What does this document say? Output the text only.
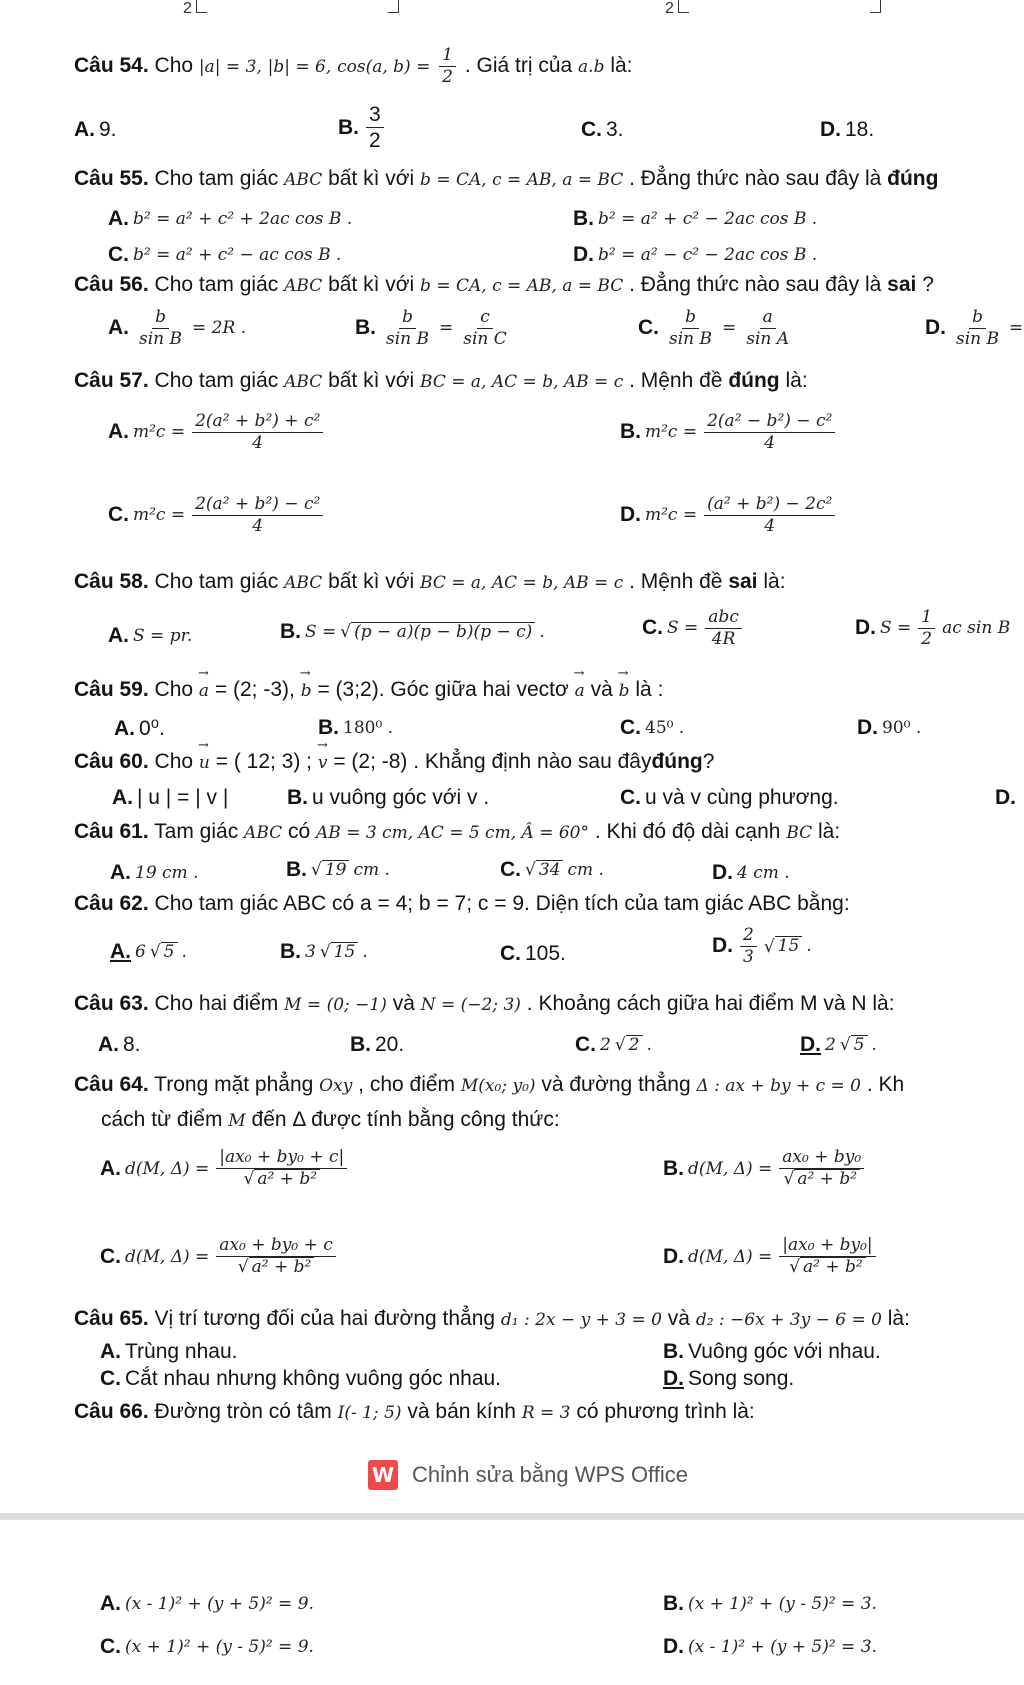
2	2
Câu 54. Cho |a| = 3, |b| = 6, cos(a, $b) = \frac{1}{2}$ . Giá trị của a.b là:
A. 9.	B. $\frac{3}{2}$	C. 3.	D. 18.
Câu 55. Cho tam giác ABC bất kì với b = CA, c = AB, a = BC . Đẳng thức nào sau đây là đúng
A. b² = a² + c² + 2ac cos B .	B. b² = a² + c² − 2ac cos B .
C. b² = a² + c² − ac cos B .	D. b² = a² − c² − 2ac cos B .
Câu 56. Cho tam giác ABC bất kì với b = CA, c = AB, a = BC . Đẳng thức nào sau đây là sai ?
A. $\frac{b}{\text{sin B}} = 2R$ .	B. $\frac{b}{\text{sin B}} = \frac{c}{\text{sin C}}$	C. $\frac{b}{\text{sin B}} = \frac{a}{\text{sin A}}$	D. $\frac{b}{\text{sin B}}$ =
Câu 57. Cho tam giác ABC bất kì với BC = a, AC = b, AB = c . Mệnh đề đúng là:
A. $m^2c = \frac{\text{2(a² + b²) + c²}}{4}$	B. $m^2c = \frac{\text{2(a² − b²) − c²}}{4}$
C. $m^2c = \frac{\text{2(a² + b²) − c²}}{4}$	D. $m^2c = \frac{\text{(a² + b²) − 2c²}}{4}$
Câu 58. Cho tam giác ABC bất kì với BC = a, AC = b, AB = c . Mệnh đề sai là:
A. S = pr.	B. S = √ (p − a)(p − b)(p − c) .	C. $S = \frac{\text{abc}}{4R}$	D. $S = \frac{1}{2}$ ac sin B
Câu 59. Cho → a = (2; -3), → b = (3;2). Góc giữa hai vectơ → a và → b là :
A. 0⁰.	B. 180⁰ .	C. 45⁰ .	D. 90⁰ .
Câu 60. Cho → u = ( 12; 3) ; → v = (2; -8) . Khẳng định nào sau đâyđúng?
A. | u | = | v |	B. u vuông góc với v .	C. u và v cùng phương.	D.
Câu 61. Tam giác ABC có AB = 3 cm, AC = 5 cm, Â = 60° . Khi đó độ dài cạnh BC là:
A. 19 cm .	B. √ 19 cm .	C. √ 34 cm .	D. 4 cm .
Câu 62. Cho tam giác ABC có a = 4; b = 7; c = 9. Diện tích của tam giác ABC bằng:
A. 6 √ 5 .	B. 3 √ 15 .	C. 105.	D. $\frac{2}{3}$ √ 15 .
Câu 63. Cho hai điểm M = (0; −1) và N = (−2; 3) . Khoảng cách giữa hai điểm M và N là:
A. 8.	B. 20.	C. 2 √ 2 .	D. 2 √ 5 .
Câu 64. Trong mặt phẳng Oxy , cho điểm M(x₀; y₀) và đường thẳng Δ : ax + by + c = 0 . Kh
cách từ điểm M đến Δ được tính bằng công thức:
A. d(M, $\Delta) = \frac{\text{|ax₀ + by₀ + c|}}{\text{√ a² + b²}}$	B. d(M, $\Delta) = \frac{\text{ax₀ + by₀}}{\text{√ a² + b²}}$
C. d(M, $\Delta) = \frac{\text{ax₀ + by₀ + c}}{\text{√ a² + b²}}$	D. d(M, $\Delta) = \frac{\text{|ax₀ + by₀|}}{\text{√ a² + b²}}$
Câu 65. Vị trí tương đối của hai đường thẳng d₁ : 2x − y + 3 = 0 và d₂ : −6x + 3y − 6 = 0 là:
A. Trùng nhau.	B. Vuông góc với nhau.
C. Cắt nhau nhưng không vuông góc nhau.	D. Song song.
Câu 66. Đường tròn có tâm I(- 1; 5) và bán kính R = 3 có phương trình là:
W Chỉnh sửa bằng WPS Office
A. (x - 1)² + (y + 5)² = 9.	B. (x + 1)² + (y - 5)² = 3.
C. (x + 1)² + (y - 5)² = 9.	D. (x - 1)² + (y + 5)² = 3.
